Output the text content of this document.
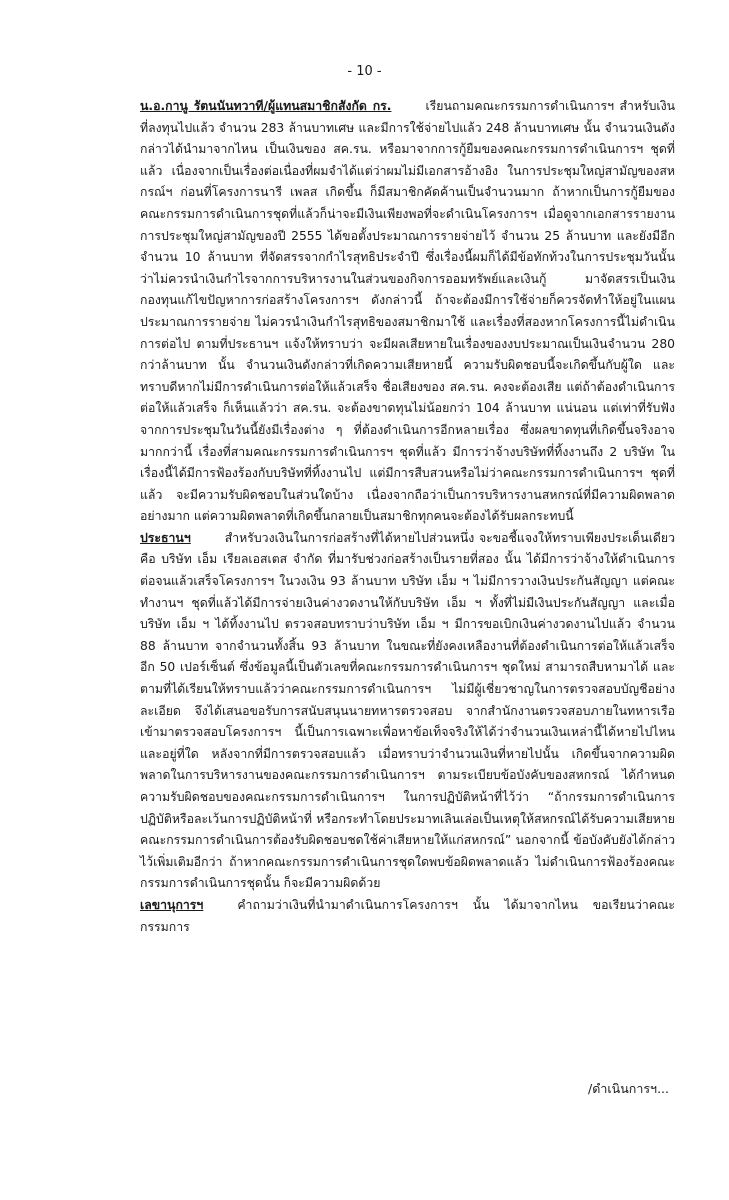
- 10 -

น.อ.กานู รัตนนันทวาที/ผู้แทนสมาชิกสังกัด กร.	เรียนถามคณะกรรมการดำเนินการฯ สำหรับเงินที่ลงทุนไปแล้ว จำนวน 283 ล้านบาทเศษ และมีการใช้จ่ายไปแล้ว 248 ล้านบาทเศษ นั้น จำนวนเงินดังกล่าวได้นำมาจากไหน เป็นเงินของ สค.รน. หรือมาจากการกู้ยืมของคณะกรรมการดำเนินการฯ ชุดที่แล้ว เนื่องจากเป็นเรื่องต่อเนื่องที่ผมจำได้แต่ว่าผมไม่มีเอกสารอ้างอิง ในการประชุมใหญ่สามัญของสหกรณ์ฯ ก่อนที่โครงการนารี เพลส เกิดขึ้น ก็มีสมาชิกคัดค้านเป็นจำนวนมาก ถ้าหากเป็นการกู้ยืมของคณะกรรมการดำเนินการชุดที่แล้วก็น่าจะมีเงินเพียงพอที่จะดำเนินโครงการฯ เมื่อดูจากเอกสารรายงานการประชุมใหญ่สามัญของปี 2555 ได้ขอตั้งประมาณการรายจ่ายไว้ จำนวน 25 ล้านบาท และยังมีอีกจำนวน 10 ล้านบาท ที่จัดสรรจากกำไรสุทธิประจำปี ซึ่งเรื่องนี้ผมก็ได้มีข้อทักท้วงในการประชุมวันนั้น ว่าไม่ควรนำเงินกำไรจากการบริหารงานในส่วนของกิจการออมทรัพย์และเงินกู้ มาจัดสรรเป็นเงินกองทุนแก้ไขปัญหาการก่อสร้างโครงการฯ ดังกล่าวนี้ ถ้าจะต้องมีการใช้จ่ายก็ควรจัดทำให้อยู่ในแผนประมาณการรายจ่าย ไม่ควรนำเงินกำไรสุทธิของสมาชิกมาใช้ และเรื่องที่สองหากโครงการนี้ไม่ดำเนินการต่อไป ตามที่ประธานฯ แจ้งให้ทราบว่า จะมีผลเสียหายในเรื่องของงบประมาณเป็นเงินจำนวน 280 กว่าล้านบาท นั้น จำนวนเงินดังกล่าวที่เกิดความเสียหายนี้ ความรับผิดชอบนี้จะเกิดขึ้นกับผู้ใด และทราบดีหากไม่มีการดำเนินการต่อให้แล้วเสร็จ ชื่อเสียงของ สค.รน. คงจะต้องเสีย แต่ถ้าต้องดำเนินการต่อให้แล้วเสร็จ ก็เห็นแล้วว่า สค.รน. จะต้องขาดทุนไม่น้อยกว่า 104 ล้านบาท แน่นอน แต่เท่าที่รับฟังจากการประชุมในวันนี้ยังมีเรื่องต่าง ๆ ที่ต้องดำเนินการอีกหลายเรื่อง ซึ่งผลขาดทุนที่เกิดขึ้นจริงอาจมากกว่านี้ เรื่องที่สามคณะกรรมการดำเนินการฯ ชุดที่แล้ว มีการว่าจ้างบริษัทที่ทิ้งงานถึง 2 บริษัท ในเรื่องนี้ได้มีการฟ้องร้องกับบริษัทที่ทิ้งงานไป แต่มีการสืบสวนหรือไม่ว่าคณะกรรมการดำเนินการฯ ชุดที่แล้ว จะมีความรับผิดชอบในส่วนใดบ้าง เนื่องจากถือว่าเป็นการบริหารงานสหกรณ์ที่มีความผิดพลาดอย่างมาก แต่ความผิดพลาดที่เกิดขึ้นกลายเป็นสมาชิกทุกคนจะต้องได้รับผลกระทบนี้

ประธานฯ	สำหรับวงเงินในการก่อสร้างที่ได้หายไปส่วนหนึ่ง จะขอชี้แจงให้ทราบเพียงประเด็นเดียว คือ บริษัท เอ็ม เรียลเอสเตส จำกัด ที่มารับช่วงก่อสร้างเป็นรายที่สอง นั้น ได้มีการว่าจ้างให้ดำเนินการต่อจนแล้วเสร็จโครงการฯ ในวงเงิน 93 ล้านบาท บริษัท เอ็ม ฯ ไม่มีการวางเงินประกันสัญญา แต่คณะทำงานฯ ชุดที่แล้วได้มีการจ่ายเงินค่างวดงานให้กับบริษัท เอ็ม ฯ ทั้งที่ไม่มีเงินประกันสัญญา และเมื่อบริษัท เอ็ม ฯ ได้ทิ้งงานไป ตรวจสอบทราบว่าบริษัท เอ็ม ฯ มีการขอเบิกเงินค่างวดงานไปแล้ว จำนวน 88 ล้านบาท จากจำนวนทั้งสิ้น 93 ล้านบาท ในขณะที่ยังคงเหลืองานที่ต้องดำเนินการต่อให้แล้วเสร็จอีก 50 เปอร์เซ็นต์ ซึ่งข้อมูลนี้เป็นตัวเลขที่คณะกรรมการดำเนินการฯ ชุดใหม่ สามารถสืบหามาได้ และตามที่ได้เรียนให้ทราบแล้วว่าคณะกรรมการดำเนินการฯ ไม่มีผู้เชี่ยวชาญในการตรวจสอบบัญชีอย่างละเอียด จึงได้เสนอขอรับการสนับสนุนนายทหารตรวจสอบ จากสำนักงานตรวจสอบภายในทหารเรือ เข้ามาตรวจสอบโครงการฯ นี้เป็นการเฉพาะเพื่อหาข้อเท็จจริงให้ได้ว่าจำนวนเงินเหล่านี้ได้หายไปไหนและอยู่ที่ใด หลังจากที่มีการตรวจสอบแล้ว เมื่อทราบว่าจำนวนเงินที่หายไปนั้น เกิดขึ้นจากความผิดพลาดในการบริหารงานของคณะกรรมการดำเนินการฯ ตามระเบียบข้อบังคับของสหกรณ์ ได้กำหนดความรับผิดชอบของคณะกรรมการดำเนินการฯ ในการปฏิบัติหน้าที่ไว้ว่า “ถ้ากรรมการดำเนินการปฏิบัติหรือละเว้นการปฏิบัติหน้าที่ หรือกระทำโดยประมาทเลินเล่อเป็นเหตุให้สหกรณ์ได้รับความเสียหาย คณะกรรมการดำเนินการต้องรับผิดชอบชดใช้ค่าเสียหายให้แก่สหกรณ์” นอกจากนี้ ข้อบังคับยังได้กล่าวไว้เพิ่มเติมอีกว่า ถ้าหากคณะกรรมการดำเนินการชุดใดพบข้อผิดพลาดแล้ว ไม่ดำเนินการฟ้องร้องคณะกรรมการดำเนินการชุดนั้น ก็จะมีความผิดด้วย

เลขานุการฯ	คำถามว่าเงินที่นำมาดำเนินการโครงการฯ นั้น ได้มาจากไหน ขอเรียนว่าคณะกรรมการ

/ดำเนินการฯ...
